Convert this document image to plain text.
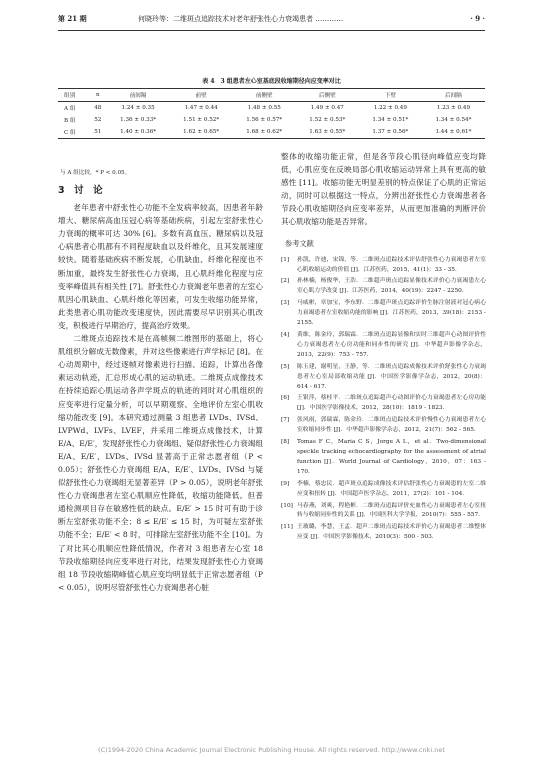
第 21 期	何晓玲等：二维斑点追踪技术对老年舒张性心力衰竭患者 …………	· 9 ·
表 4　3 组患者左心室基底段收缩期径向应变率对比
组别	n	前间隔	前壁	前侧壁	后侧壁	下壁	后间隔
A 组	48	1.24 ± 0.35	1.47 ± 0.44	1.48 ± 0.55	1.49 ± 0.47	1.22 ± 0.49	1.23 ± 0.49
B 组	52	1.36 ± 0.33*	1.51 ± 0.52*	1.56 ± 0.57*	1.52 ± 0.53*	1.34 ± 0.51*	1.34 ± 0.54*
C 组	51	1.40 ± 0.36*	1.62 ± 0.65*	1.68 ± 0.62*	1.63 ± 0.55*	1.37 ± 0.56*	1.44 ± 0.61*
与 A 组比较，* P < 0.05。
3　讨　论

老年患者中舒张性心功能不全发病率较高，因患者年龄增大、糖尿病高血压冠心病等基础疾病，引起左室舒张性心力衰竭的概率可达 30% [6]。多数有高血压、糖尿病以及冠心病患者心肌都有不同程度缺血以及纤维化，且其发展速度较快。随着基础疾病不断发展，心肌缺血、纤维化程度也不断加重，最终发生舒张性心力衰竭，且心肌纤维化程度与应变率峰值具有相关性 [7]。舒张性心力衰竭老年患者的左室心肌因心肌缺血、心肌纤维化等因素，可发生收缩功能异常，此类患者心肌功能改变速度快，因此需要尽早识别其心肌改变，积极进行早期治疗，提高治疗效果。

二维斑点追踪技术是在高帧频二维图形的基础上，将心肌组织分解成无数像素，并对这些像素进行声学标记 [8]。在心动周期中，经过逐帧对像素进行扫描、追踪，计算出各像素运动轨迹，汇总形成心肌的运动轨迹。二维斑点成像技术在持续追踪心肌运动各声学斑点的轨迹的同时对心肌组织的应变率进行定量分析，可以早期观察、全地评价左室心肌收缩功能改变 [9]。本研究通过测量 3 组患者 LVDs、IVSd、LVPWd、LVFs、LVEF，并采用二维斑点成像技术，计算 E/A、E/E′，发现舒张性心力衰竭组、疑似舒张性心力衰竭组 E/A、E/E′、LVDs、IVSd 显著高于正常志愿者组（P < 0.05）；舒张性心力衰竭组 E/A、E/E′、LVDs、IVSd 与疑似舒张性心力衰竭组无显著差异（P > 0.05），说明老年舒张性心力衰竭患者左室心肌顺应性降低，收缩功能降低。但普通检测项目存在敏感性低的缺点。E/E′ > 15 时可有助于诊断左室舒张功能不全；8 ≤ E/E′ ≤ 15 时，为可疑左室舒张功能不全；E/E′ < 8 时，可排除左室舒张功能不全 [10]。为了对比其心肌顺应性降低情况，作者对 3 组患者左心室 18 节段收缩期径向应变率进行对比，结果发现舒张性心力衰竭组 18 节段收缩期峰值心肌应变均明显低于正常志愿者组（P < 0.05），说明尽管舒张性心力衰竭患者心脏

整体的收缩功能正常，但是各节段心肌径向峰值应变均降低，心肌应变在反映局部心肌收缩运动异常上具有更高的敏感性 [11]。收缩功能无明显差别的特点保证了心肌的正常运动，同时可以根据这一特点，分辨出舒张性心力衰竭患者各节段心肌收缩期径向应变率差异，从而更加准确的判断评价其心肌收缩功能是否异常。

参考文献
[1]	孙凯，许迪，宋锦，等．二维斑点追踪技术评估舒张性心力衰竭患者左室心肌收缩运动的价值 [J]．江苏医药，2015，41(1)：33 - 35．
[2]	孙林楠，杨俊华，王浩．二维超声斑点追踪显像技术评价心力衰竭患左心室心肌力学改变 [J]．江苏医药，2014，40(19)：2247 - 2250．
[3]	马威彬，章加宝，李东野．二维超声斑点追踪评价生脉注射液对冠心病心力衰竭患者左室收缩功能的影响 [J]．江苏医药，2013，39(18)：2153 - 2155．
[4]	黄维，陈金玲，郭瑞霖．二维斑点追踪显像和实时三维超声心动图评价性心力衰竭患者左心房功能和同步性的研究 [J]．中华超声影像学杂志，2013，22(9)：753 - 757．
[5]	陈玉建，谢明星，王静，等．二维斑点追踪成像技术评价舒张性心力衰竭患者左心室局部收缩功能 [J]．中国医学影像学杂志，2012，20(8)：614 - 617．
[6]	王银萍，蔡桂平．二维斑点追踪超声心动图评价心力衰竭患者左心房功能 [J]．中国医学影像技术，2012，28(10)：1819 - 1823．
[7]	张风雨，郭瑞霖，陈金玲．二维斑点追踪技术评价慢性心力衰竭患者左心室收缩同步性 [J]．中华超声影像学杂志，2012，21(7)：562 - 565．
[8]	Tomas F C，Maria C S，Jorge A L，et al．Two-dimensional speckle tracking echocardiography for the assessment of atrial function [J]．World Journal of Cardiology，2010，07：163 - 170．
[9]	李楠，蔡忠民．超声斑点追踪成像技术评估舒张性心力衰竭患的左室二维应变和扭转 [J]．中国超声医学杂志，2011，27(2)：101 - 104．
[10] 马春燕，刘爽，程艳彬．二维斑点追踪评价充血性心力衰竭患者左心室扭转与收缩同步性的关系 [J]．中国医科大学学报，2010(7)：555 - 557．
[11] 王玻璐，李慧，王孟．超声二维斑点追踪技术评价心力衰竭患者二维整体应变 [J]．中国医学影像技术，2010(3)：500 - 503．
(C)1994-2020 China Academic Journal Electronic Publishing House. All rights reserved. http://www.cnki.net
